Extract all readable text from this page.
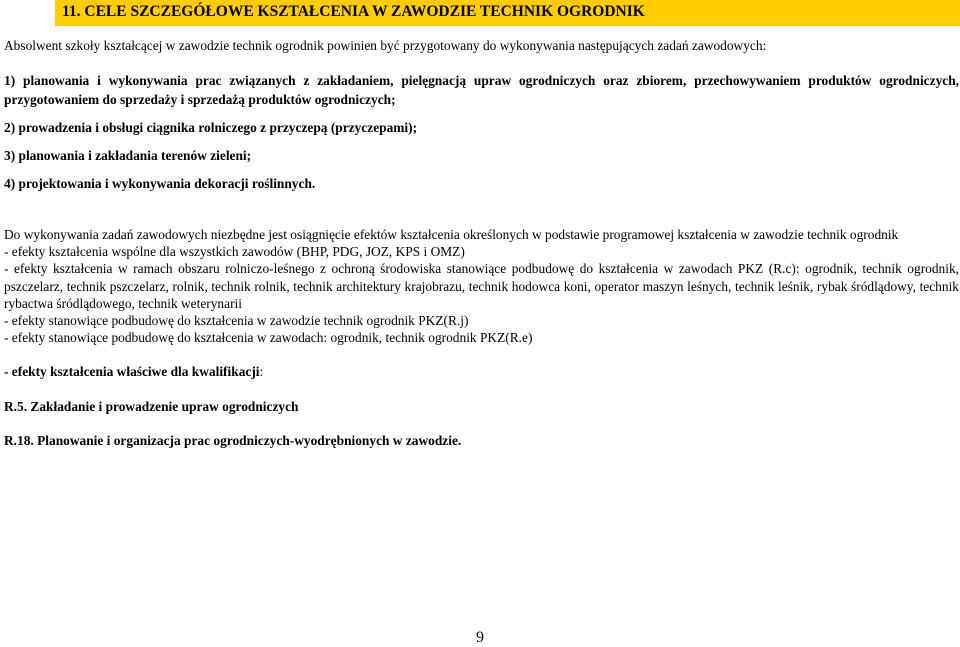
11. CELE SZCZEGÓŁOWE KSZTAŁCENIA W ZAWODZIE TECHNIK OGRODNIK
Absolwent szkoły kształcącej w zawodzie technik ogrodnik powinien być przygotowany do wykonywania następujących zadań zawodowych:
1) planowania i wykonywania prac związanych z zakładaniem, pielęgnacją upraw ogrodniczych oraz zbiorem, przechowywaniem produktów ogrodniczych, przygotowaniem do sprzedaży i sprzedażą produktów ogrodniczych;
2) prowadzenia i obsługi ciągnika rolniczego z przyczepą (przyczepami);
3) planowania i zakładania terenów zieleni;
4) projektowania i wykonywania dekoracji roślinnych.

Do wykonywania zadań zawodowych niezbędne jest osiągnięcie efektów kształcenia określonych w podstawie programowej kształcenia w zawodzie technik ogrodnik

- efekty kształcenia wspólne dla wszystkich zawodów (BHP, PDG, JOZ, KPS i OMZ)

- efekty kształcenia w ramach obszaru rolniczo-leśnego z ochroną środowiska stanowiące podbudowę do kształcenia w zawodach PKZ (R.c): ogrodnik, technik ogrodnik, pszczelarz, technik pszczelarz, rolnik, technik rolnik, technik architektury krajobrazu, technik hodowca koni, operator maszyn leśnych, technik leśnik, rybak śródlądowy, technik rybactwa śródlądowego, technik weterynarii

- efekty stanowiące podbudowę do kształcenia w zawodzie technik ogrodnik PKZ(R.j)

- efekty stanowiące podbudowę do kształcenia w zawodach: ogrodnik, technik ogrodnik PKZ(R.e)

- efekty kształcenia właściwe dla kwalifikacji:

R.5. Zakładanie i prowadzenie upraw ogrodniczych

R.18. Planowanie i organizacja prac ogrodniczych-wyodrębnionych w zawodzie.

9
